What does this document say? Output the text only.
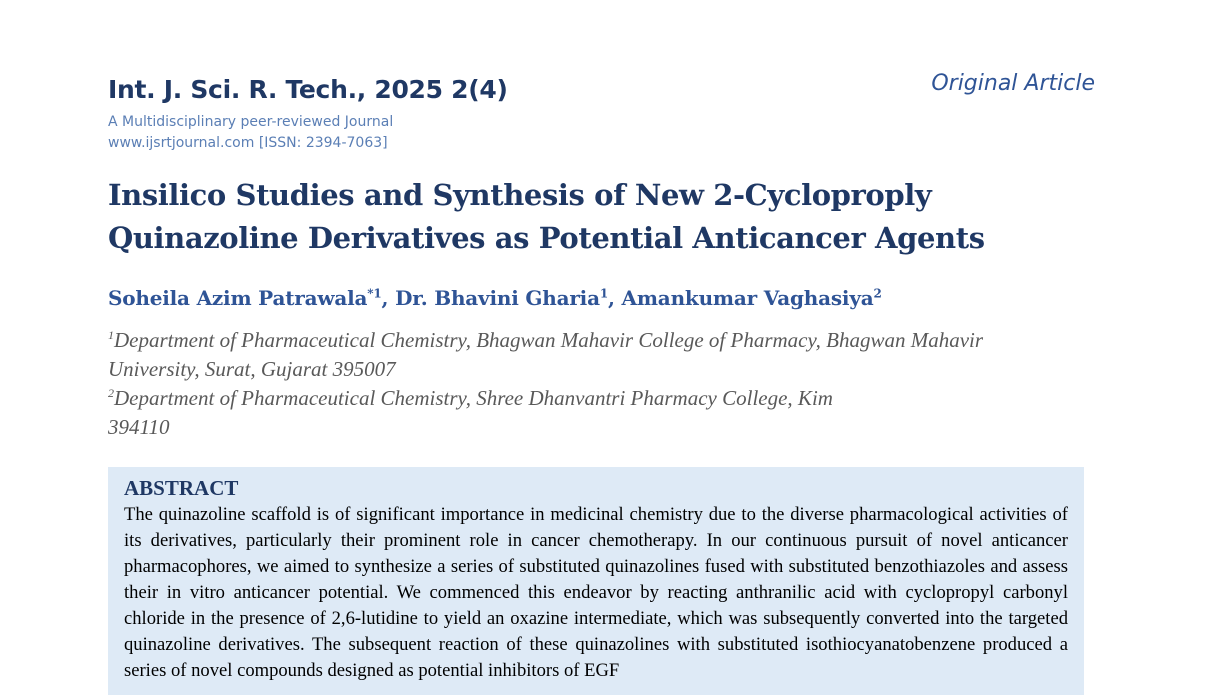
Int. J. Sci. R. Tech., 2025 2(4)	Original Article
A Multidisciplinary peer-reviewed Journal
www.ijsrtjournal.com [ISSN: 2394-7063]
Insilico Studies and Synthesis of New 2-Cycloproply
Quinazoline Derivatives as Potential Anticancer Agents
Soheila Azim Patrawala$^{*1}$, Dr. Bhavini Gharia$^1$, Amankumar Vaghasiya$^2$
$^1$Department of Pharmaceutical Chemistry, Bhagwan Mahavir College of Pharmacy, Bhagwan Mahavir
University, Surat, Gujarat 395007
$^2$Department of Pharmaceutical Chemistry, Shree Dhanvantri Pharmacy College, Kim
394110
ABSTRACT
The quinazoline scaffold is of significant importance in medicinal chemistry due to the diverse pharmacological activities of its derivatives, particularly their prominent role in cancer chemotherapy. In our continuous pursuit of novel anticancer pharmacophores, we aimed to synthesize a series of substituted quinazolines fused with substituted benzothiazoles and assess their in vitro anticancer potential. We commenced this endeavor by reacting anthranilic acid with cyclopropyl carbonyl chloride in the presence of 2,6-lutidine to yield an oxazine intermediate, which was subsequently converted into the targeted quinazoline derivatives. The subsequent reaction of these quinazolines with substituted isothiocyanatobenzene produced a series of novel compounds designed as potential inhibitors of EGF
